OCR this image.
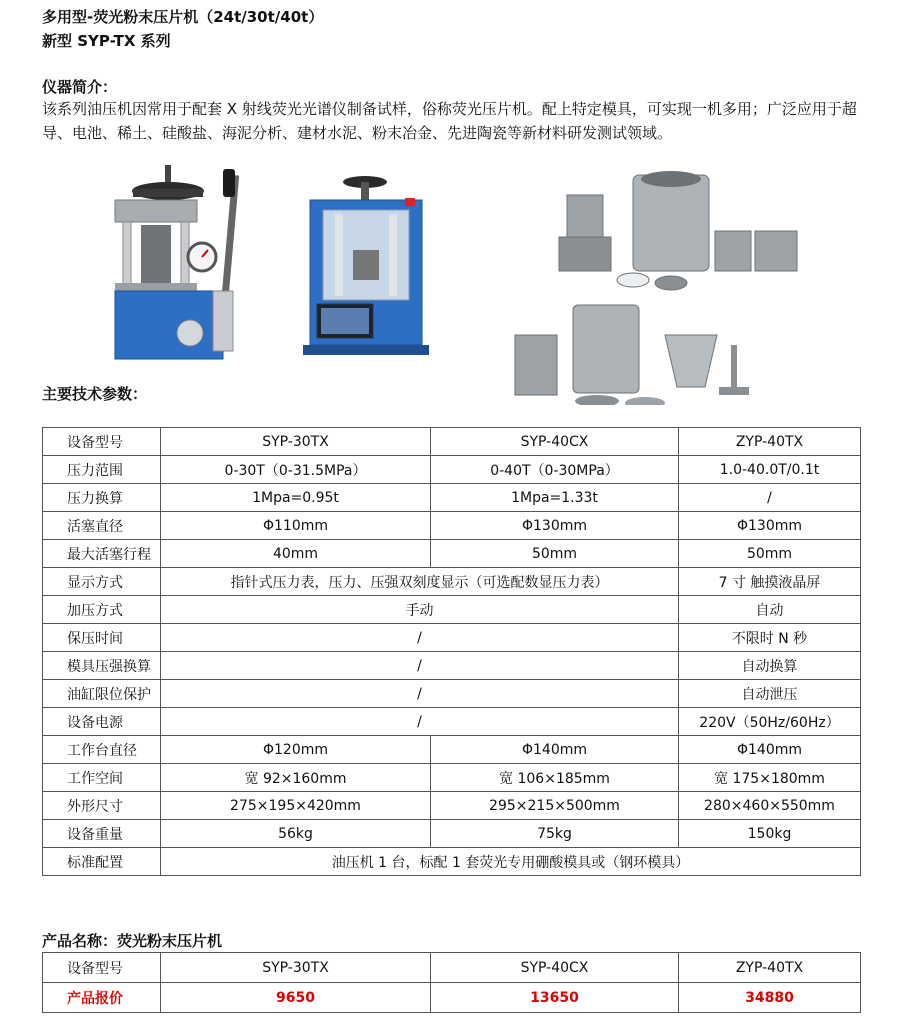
多用型-荧光粉末压片机（24t/30t/40t）
新型 SYP-TX 系列
仪器简介：
该系列油压机因常用于配套 X 射线荧光光谱仪制备试样，俗称荧光压片机。配上特定模具，可实现一机多用；广泛应用于超导、电池、稀土、硅酸盐、海泥分析、建材水泥、粉末冶金、先进陶瓷等新材料研发测试领域。
主要技术参数：
设备型号	SYP-30TX	SYP-40CX	ZYP-40TX
压力范围	0-30T（0-31.5MPa）	0-40T（0-30MPa）	1.0-40.0T/0.1t
压力换算	1Mpa=0.95t	1Mpa=1.33t	/
活塞直径	Φ110mm	Φ130mm	Φ130mm
最大活塞行程	40mm	50mm	50mm
显示方式	指针式压力表，压力、压强双刻度显示（可选配数显压力表）		7 寸 触摸液晶屏
加压方式	手动		自动
保压时间	/		不限时 N 秒
模具压强换算	/		自动换算
油缸限位保护	/		自动泄压
设备电源	/		220V（50Hz/60Hz）
工作台直径	Φ120mm	Φ140mm	Φ140mm
工作空间	宽 92×160mm	宽 106×185mm	宽 175×180mm
外形尺寸	275×195×420mm	295×215×500mm	280×460×550mm
设备重量	56kg	75kg	150kg
标准配置	油压机 1 台，标配 1 套荧光专用硼酸模具或（钢环模具）		
产品名称：荧光粉末压片机
设备型号	SYP-30TX	SYP-40CX	ZYP-40TX
产品报价	9650	13650	34880
